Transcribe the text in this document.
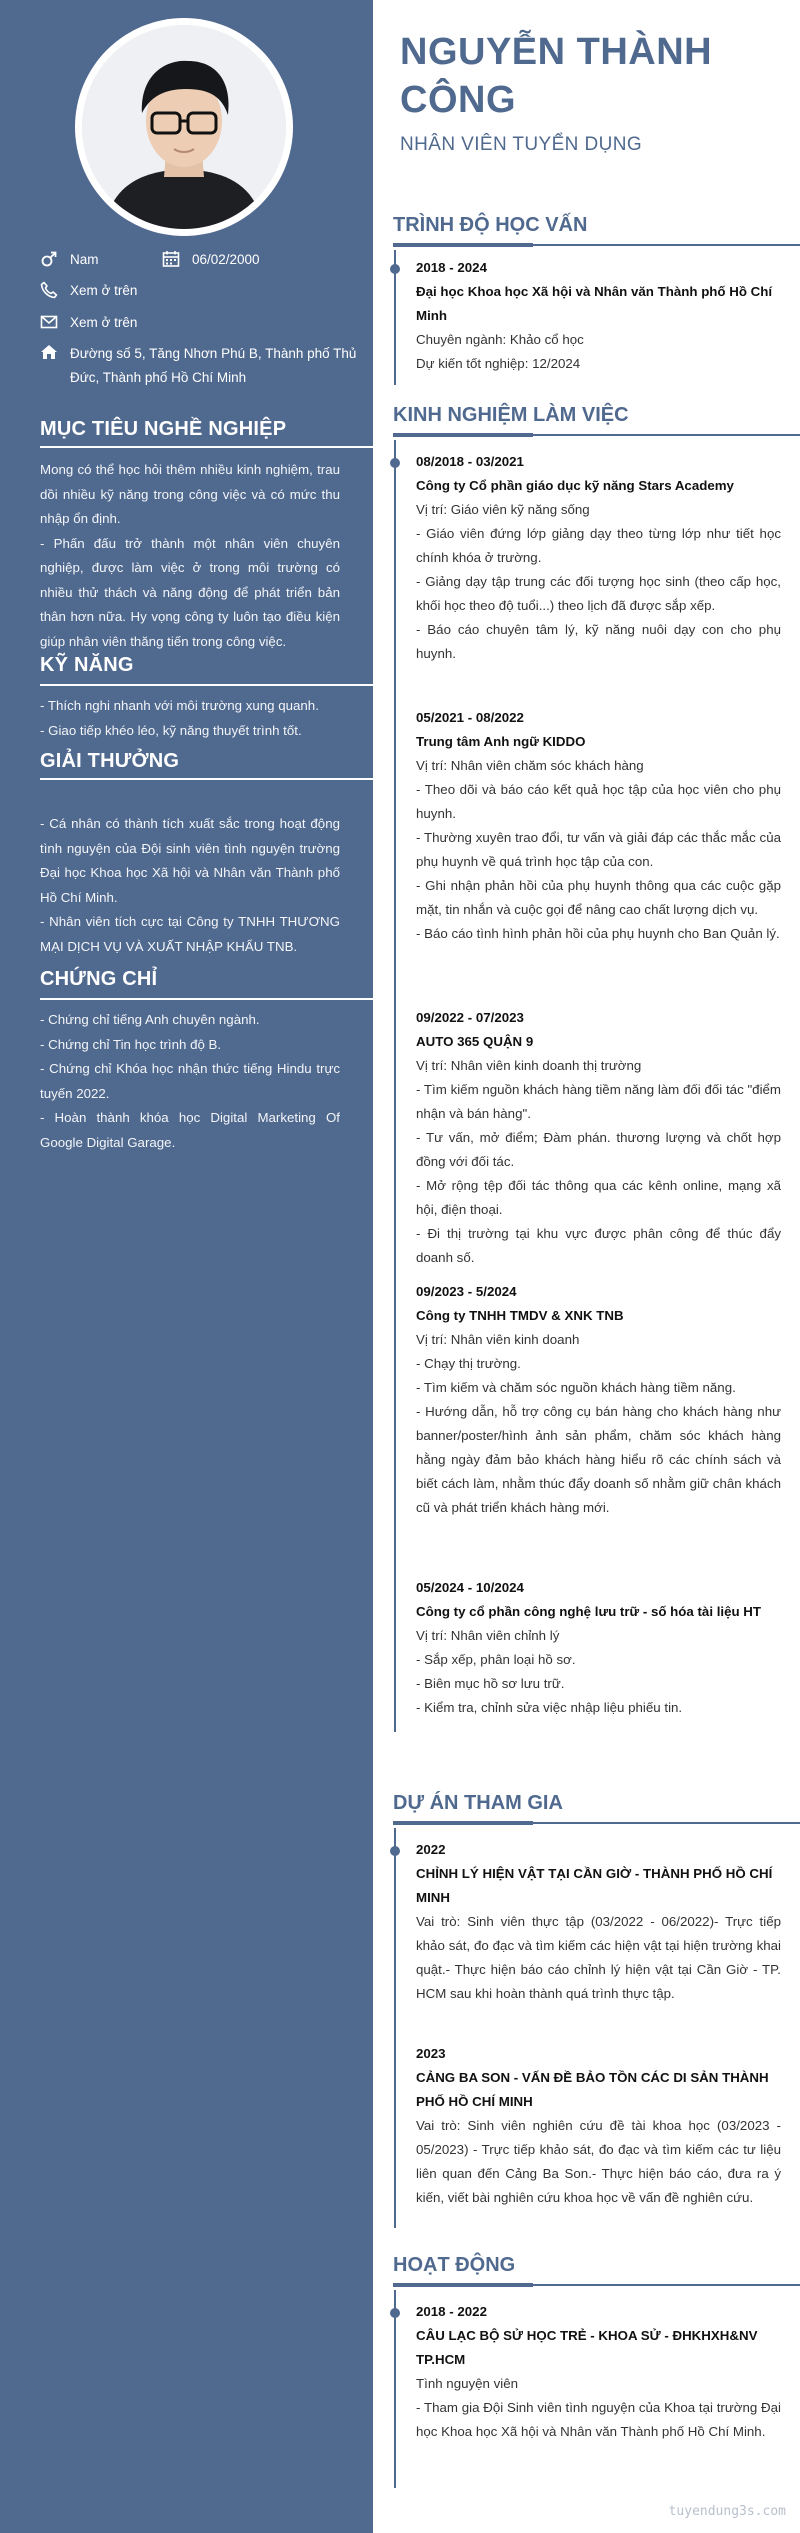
Nam	06/02/2000
Xem ở trên
Xem ở trên
Đường số 5, Tăng Nhơn Phú B, Thành phố Thủ Đức, Thành phố Hồ Chí Minh
MỤC TIÊU NGHỀ NGHIỆP
Mong có thể học hỏi thêm nhiều kinh nghiệm, trau dồi nhiều kỹ năng trong công việc và có mức thu nhập ổn định.
- Phấn đấu trở thành một nhân viên chuyên nghiệp, được làm việc ở trong môi trường có nhiều thử thách và năng động để phát triển bản thân hơn nữa. Hy vọng công ty luôn tạo điều kiện giúp nhân viên thăng tiến trong công việc.
KỸ NĂNG
- Thích nghi nhanh với môi trường xung quanh.
- Giao tiếp khéo léo, kỹ năng thuyết trình tốt.
GIẢI THƯỞNG
- Cá nhân có thành tích xuất sắc trong hoạt động tình nguyện của Đội sinh viên tình nguyện trường Đại học Khoa học Xã hội và Nhân văn Thành phố Hồ Chí Minh.
- Nhân viên tích cực tại Công ty TNHH THƯƠNG MẠI DỊCH VỤ VÀ XUẤT NHẬP KHẨU TNB.
CHỨNG CHỈ
- Chứng chỉ tiếng Anh chuyên ngành.
- Chứng chỉ Tin học trình độ B.
- Chứng chỉ Khóa học nhận thức tiếng Hindu trực tuyến 2022.
- Hoàn thành khóa học Digital Marketing Of Google Digital Garage.
NGUYỄN THÀNH
CÔNG
NHÂN VIÊN TUYỂN DỤNG
TRÌNH ĐỘ HỌC VẤN
2018 - 2024
Đại học Khoa học Xã hội và Nhân văn Thành phố Hồ Chí Minh
Chuyên ngành: Khảo cổ học
Dự kiến tốt nghiệp: 12/2024
KINH NGHIỆM LÀM VIỆC
08/2018 - 03/2021
Công ty Cổ phần giáo dục kỹ năng Stars Academy
Vị trí: Giáo viên kỹ năng sống
- Giáo viên đứng lớp giảng dạy theo từng lớp như tiết học chính khóa ở trường.
- Giảng dạy tập trung các đối tượng học sinh (theo cấp học, khối học theo độ tuổi...) theo lịch đã được sắp xếp.
- Báo cáo chuyên tâm lý, kỹ năng nuôi dạy con cho phụ huynh.
05/2021 - 08/2022
Trung tâm Anh ngữ KIDDO
Vị trí: Nhân viên chăm sóc khách hàng
- Theo dõi và báo cáo kết quả học tập của học viên cho phụ huynh.
- Thường xuyên trao đổi, tư vấn và giải đáp các thắc mắc của phụ huynh về quá trình học tập của con.
- Ghi nhận phản hồi của phụ huynh thông qua các cuộc gặp mặt, tin nhắn và cuộc gọi để nâng cao chất lượng dịch vụ.
- Báo cáo tình hình phản hồi của phụ huynh cho Ban Quản lý.
09/2022 - 07/2023
AUTO 365 QUẬN 9
Vị trí: Nhân viên kinh doanh thị trường
- Tìm kiếm nguồn khách hàng tiềm năng làm đối đối tác "điểm nhận và bán hàng".
- Tư vấn, mở điểm; Đàm phán. thương lượng và chốt hợp đồng với đối tác.
- Mở rộng tệp đối tác thông qua các kênh online, mạng xã hội, điện thoại.
- Đi thị trường tại khu vực được phân công để thúc đẩy doanh số.
09/2023 - 5/2024
Công ty TNHH TMDV & XNK TNB
Vị trí: Nhân viên kinh doanh
- Chạy thị trường.
- Tìm kiếm và chăm sóc nguồn khách hàng tiềm năng.
- Hướng dẫn, hỗ trợ công cụ bán hàng cho khách hàng như banner/poster/hình ảnh sản phẩm, chăm sóc khách hàng hằng ngày đảm bảo khách hàng hiểu rõ các chính sách và biết cách làm, nhằm thúc đẩy doanh số nhằm giữ chân khách cũ và phát triển khách hàng mới.
05/2024 - 10/2024
Công ty cổ phần công nghệ lưu trữ - số hóa tài liệu HT
Vị trí: Nhân viên chỉnh lý
- Sắp xếp, phân loại hồ sơ.
- Biên mục hồ sơ lưu trữ.
- Kiểm tra, chỉnh sửa việc nhập liệu phiếu tin.
DỰ ÁN THAM GIA
2022
CHỈNH LÝ HIỆN VẬT TẠI CẦN GIỜ - THÀNH PHỐ HỒ CHÍ MINH
Vai trò: Sinh viên thực tập (03/2022 - 06/2022)- Trực tiếp khảo sát, đo đạc và tìm kiếm các hiện vật tại hiện trường khai quật.- Thực hiện báo cáo chỉnh lý hiện vật tại Cần Giờ - TP. HCM sau khi hoàn thành quá trình thực tập.
2023
CẢNG BA SON - VẤN ĐỀ BẢO TỒN CÁC DI SẢN THÀNH PHỐ HỒ CHÍ MINH
Vai trò: Sinh viên nghiên cứu đề tài khoa học (03/2023 - 05/2023) - Trực tiếp khảo sát, đo đạc và tìm kiếm các tư liệu liên quan đến Cảng Ba Son.- Thực hiện báo cáo, đưa ra ý kiến, viết bài nghiên cứu khoa học về vấn đề nghiên cứu.
HOẠT ĐỘNG
2018 - 2022
CÂU LẠC BỘ SỬ HỌC TRẺ - KHOA SỬ - ĐHKHXH&NV TP.HCM
Tình nguyện viên
- Tham gia Đội Sinh viên tình nguyện của Khoa tại trường Đại học Khoa học Xã hội và Nhân văn Thành phố Hồ Chí Minh.
tuyendung3s.com
